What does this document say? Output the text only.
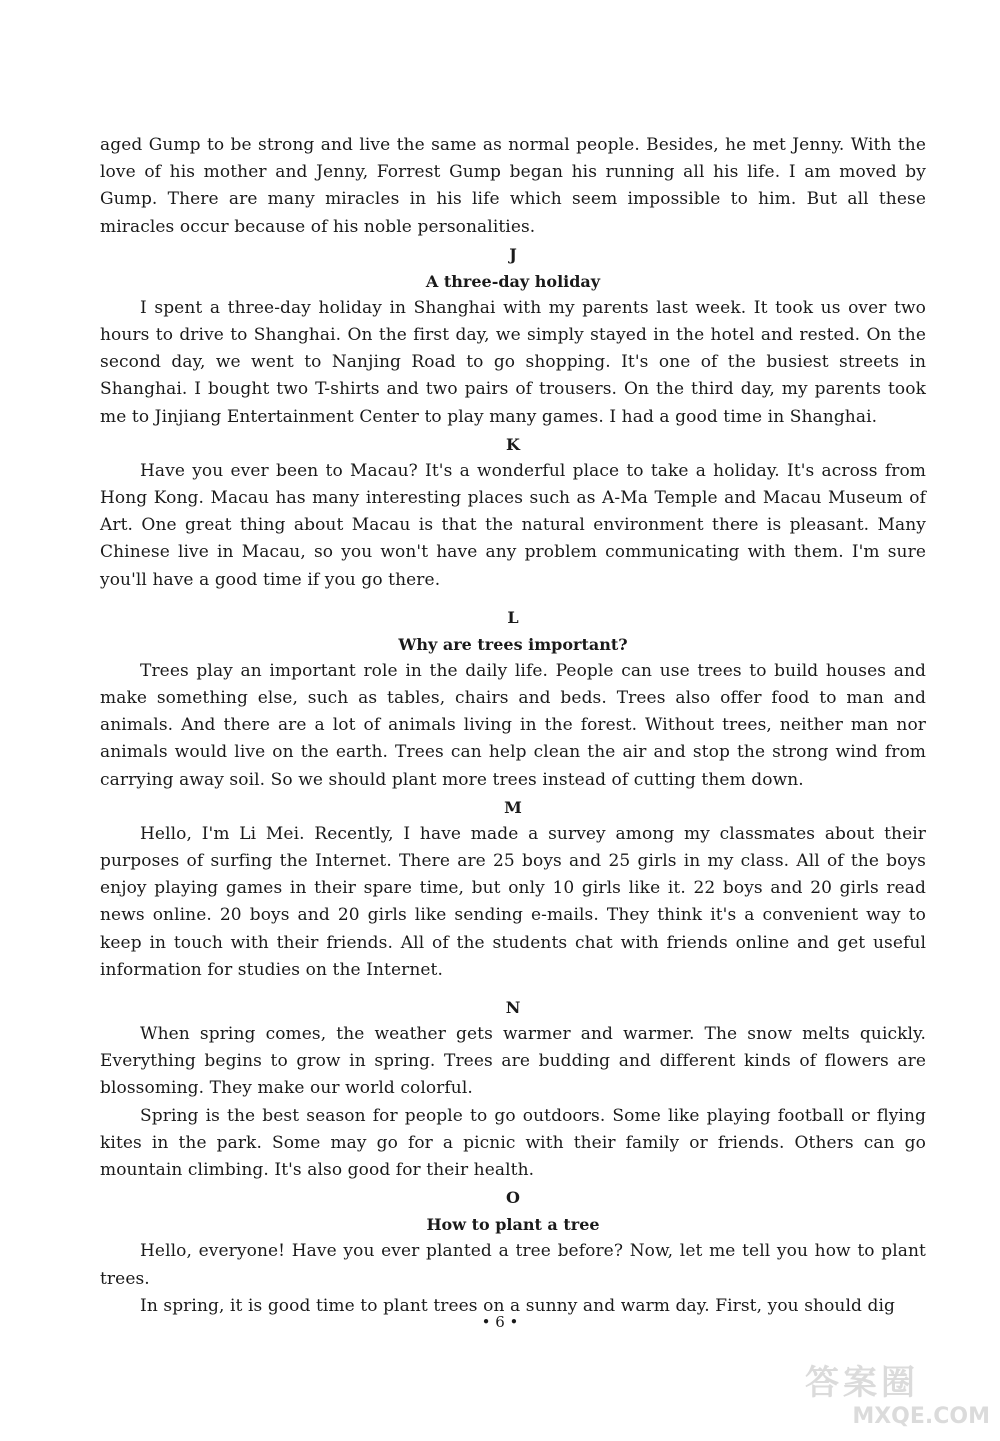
aged Gump to be strong and live the same as normal people. Besides, he met Jenny. With the love of his mother and Jenny, Forrest Gump began his running all his life. I am moved by Gump. There are many miracles in his life which seem impossible to him. But all these miracles occur because of his noble personalities.

J
A three-day holiday

I spent a three-day holiday in Shanghai with my parents last week. It took us over two hours to drive to Shanghai. On the first day, we simply stayed in the hotel and rested. On the second day, we went to Nanjing Road to go shopping. It's one of the busiest streets in Shanghai. I bought two T-shirts and two pairs of trousers. On the third day, my parents took me to Jinjiang Entertainment Center to play many games. I had a good time in Shanghai.

K

Have you ever been to Macau? It's a wonderful place to take a holiday. It's across from Hong Kong. Macau has many interesting places such as A-Ma Temple and Macau Museum of Art. One great thing about Macau is that the natural environment there is pleasant. Many Chinese live in Macau, so you won't have any problem communicating with them. I'm sure you'll have a good time if you go there.

L
Why are trees important?

Trees play an important role in the daily life. People can use trees to build houses and make something else, such as tables, chairs and beds. Trees also offer food to man and animals. And there are a lot of animals living in the forest. Without trees, neither man nor animals would live on the earth. Trees can help clean the air and stop the strong wind from carrying away soil. So we should plant more trees instead of cutting them down.

M

Hello, I'm Li Mei. Recently, I have made a survey among my classmates about their purposes of surfing the Internet. There are 25 boys and 25 girls in my class. All of the boys enjoy playing games in their spare time, but only 10 girls like it. 22 boys and 20 girls read news online. 20 boys and 20 girls like sending e-mails. They think it's a convenient way to keep in touch with their friends. All of the students chat with friends online and get useful information for studies on the Internet.

N

When spring comes, the weather gets warmer and warmer. The snow melts quickly. Everything begins to grow in spring. Trees are budding and different kinds of flowers are blossoming. They make our world colorful.

Spring is the best season for people to go outdoors. Some like playing football or flying kites in the park. Some may go for a picnic with their family or friends. Others can go mountain climbing. It's also good for their health.

O
How to plant a tree

Hello, everyone! Have you ever planted a tree before? Now, let me tell you how to plant trees.

In spring, it is good time to plant trees on a sunny and warm day. First, you should dig

• 6 •
答案圈
MXQE.COM
